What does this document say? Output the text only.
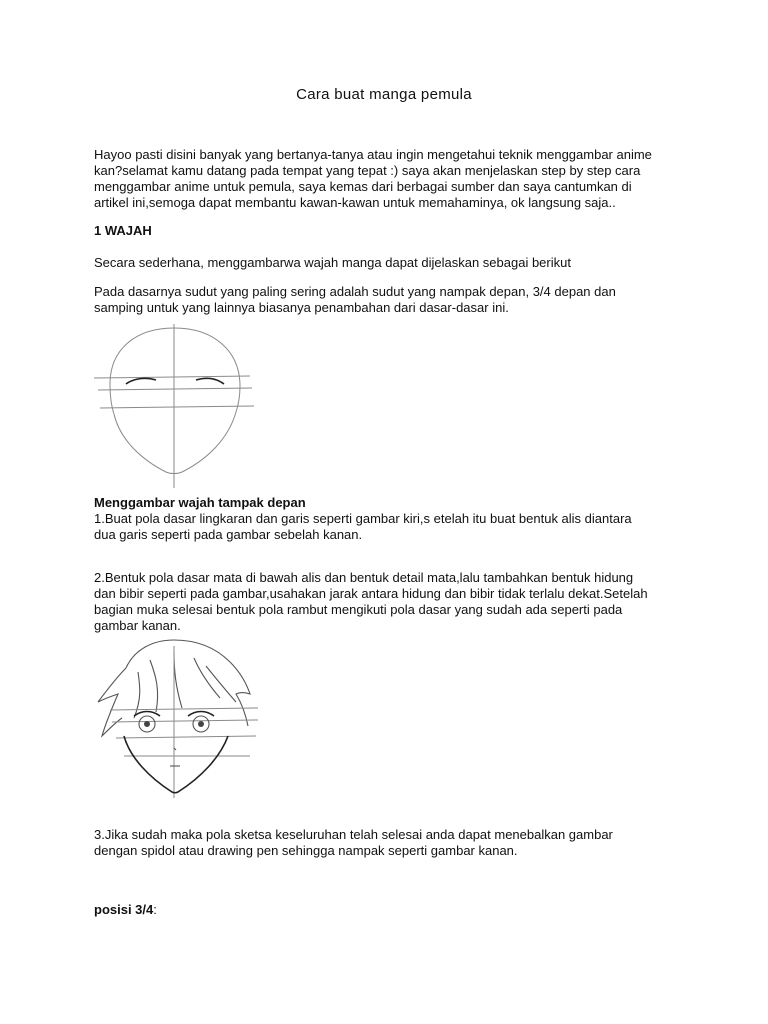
Cara buat manga pemula

Hayoo pasti disini banyak yang bertanya-tanya atau ingin mengetahui teknik menggambar anime
kan?selamat kamu datang pada tempat yang tepat :) saya akan menjelaskan step by step cara
menggambar anime untuk pemula, saya kemas dari berbagai sumber dan saya cantumkan di
artikel ini,semoga dapat membantu kawan-kawan untuk memahaminya, ok langsung saja..

1 WAJAH

Secara sederhana, menggambarwa wajah manga dapat dijelaskan sebagai berikut

Pada dasarnya sudut yang paling sering adalah sudut yang nampak depan, 3/4 depan dan
samping untuk yang lainnya biasanya penambahan dari dasar-dasar ini.

Menggambar wajah tampak depan

1.Buat pola dasar lingkaran dan garis seperti gambar kiri,s etelah itu buat bentuk alis diantara
dua garis seperti pada gambar sebelah kanan.

2.Bentuk pola dasar mata di bawah alis dan bentuk detail mata,lalu tambahkan bentuk hidung
dan bibir seperti pada gambar,usahakan jarak antara hidung dan bibir tidak terlalu dekat.Setelah
bagian muka selesai bentuk pola rambut mengikuti pola dasar yang sudah ada seperti pada
gambar kanan.

3.Jika sudah maka pola sketsa keseluruhan telah selesai anda dapat menebalkan gambar
dengan spidol atau drawing pen sehingga nampak seperti gambar kanan.

posisi 3/4:
